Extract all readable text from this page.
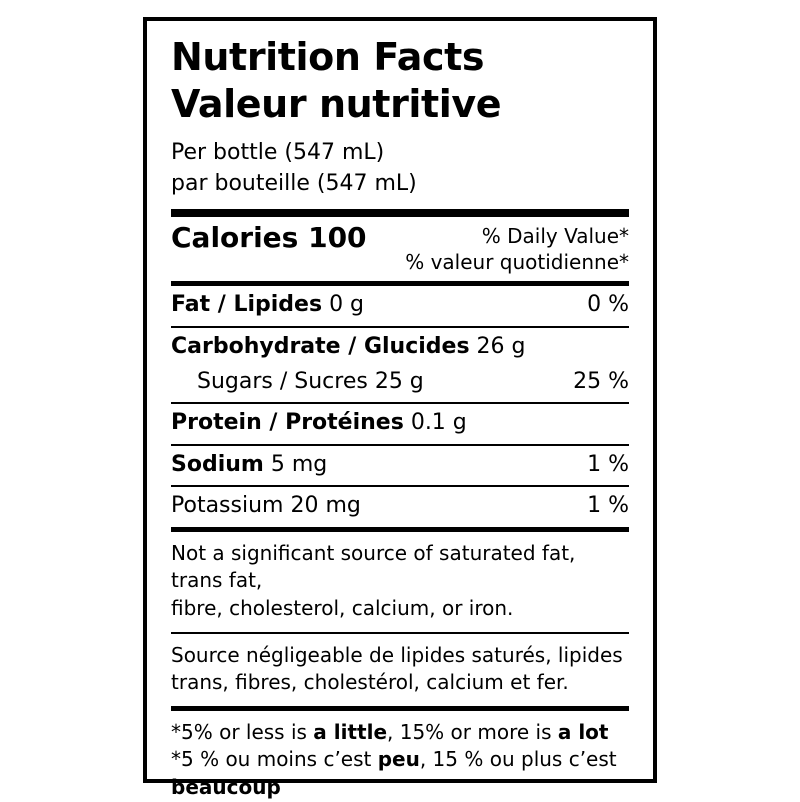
Nutrition Facts
Valeur nutritive
Per bottle (547 mL)
par bouteille (547 mL)
Calories 100	% Daily Value*
% valeur quotidienne*
Fat / Lipides 0 g	0 %
Carbohydrate / Glucides 26 g
Sugars / Sucres 25 g	25 %
Protein / Protéines 0.1 g
Sodium 5 mg	1 %
Potassium 20 mg	1 %
Not a significant source of saturated fat, trans fat,
fibre, cholesterol, calcium, or iron.
Source négligeable de lipides saturés, lipides
trans, fibres, cholestérol, calcium et fer.
*5% or less is a little, 15% or more is a lot
*5 % ou moins c’est peu, 15 % ou plus c’est beaucoup
